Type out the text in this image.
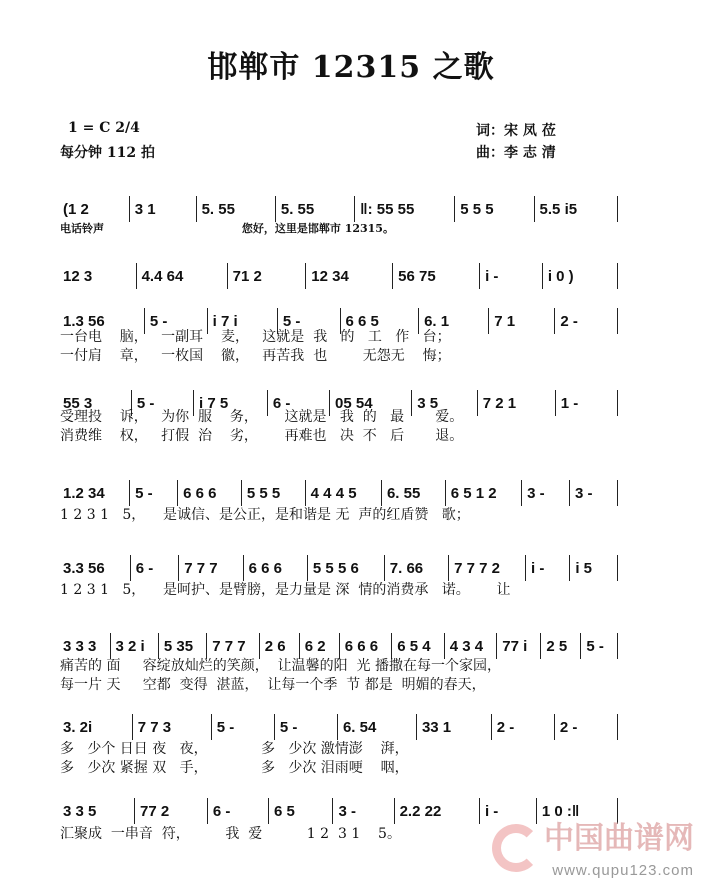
邯郸市 12315 之歌
1 = C 2/4
每分钟 112 拍
词：宋 凤 莅
曲：李 志 清
(1 2	3 1	5. 55	5. 55	‖: 55 55	5 5 5	5.5 i5
电话铃声                                    您好，这里是邯郸市 12315。
12 3	4.4 64	71 2	12 34	56 75	i -	i 0 )
1.3 56	5 -	i 7 i	5 -	6 6 5	6. 1	7 1	2 -
一台电    脑，   一副耳    麦，   这就是  我   的   工   作   台；
一付肩    章，   一枚国    徽，   再苦我  也        无怨无    悔；
55 3	5 -	i 7 5	6 -	05 54	3 5	7 2 1	1 -
受理投    诉，   为你  服    务，      这就是   我  的   最       爱。
消费维    权，   打假  治    劣，      再难也   决  不   后       退。
1.2 34	5 -	6 6 6	5 5 5	4 4 4 5	6. 55	6 5 1 2	3 -	3 -
1 2 3 1   5，    是诚信、是公正，是和谐是 无  声的红盾赞   歌；
3.3 56	6 -	7 7 7	6 6 6	5 5 5 6	7. 66	7 7 7 2	i -	i 5
1 2 3 1   5，    是呵护、是臂膀，是力量是 深  情的消费承   诺。      让
3 3 3	3 2 i	5 35	7 7 7	2 6	6 2	6 6 6	6 5 4	4 3 4	77 i	2 5	5 -
痛苦的 面     容绽放灿烂的笑颜，  让温馨的阳  光 播撒在每一个家园，
每一片 天     空都  变得  湛蓝，  让每一个季  节 都是  明媚的春天，
3. 2i	7 7 3	5 -	5 -	6. 54	33 1	2 -	2 -
多   少个 日日 夜   夜，            多   少次 激情澎    湃，
多   少次 紧握 双   手，            多   少次 泪雨哽    咽，
3 3 5	77 2	6 -	6 5	3 -	2.2 22	i -	1 0 :‖
汇聚成  一串音  符，        我  爱          1 2  3 1    5。	中国曲谱网
www.qupu123.com
